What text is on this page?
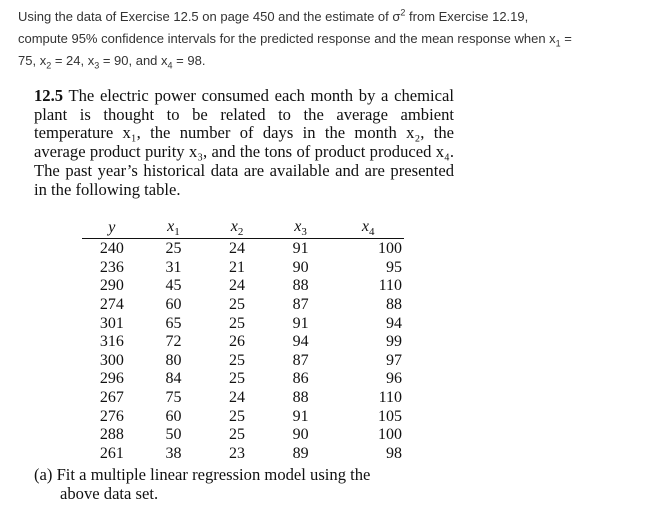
Using the data of Exercise 12.5 on page 450 and the estimate of $\sigma^2$ from Exercise 12.19,
compute 95% confidence intervals for the predicted response and the mean response when $x_1$ =
75, $x_2 = 24$, $x_3 = 90$, and $x_4 = 98$.
12.5 The electric power consumed each month by a chemical plant is thought to be related to the average ambient temperature x₁, the number of days in the month x₂, the average product purity x₃, and the tons of product produced x₄. The past year’s historical data are available and are presented in the following table.
y	$x_1$	$x_2$	$x_3$	$x_4$
240	25	24	91	100
236	31	21	90	95
290	45	24	88	110
274	60	25	87	88
301	65	25	91	94
316	72	26	94	99
300	80	25	87	97
296	84	25	86	96
267	75	24	88	110
276	60	25	91	105
288	50	25	90	100
261	38	23	89	98
(a) Fit a multiple linear regression model using the
above data set.
